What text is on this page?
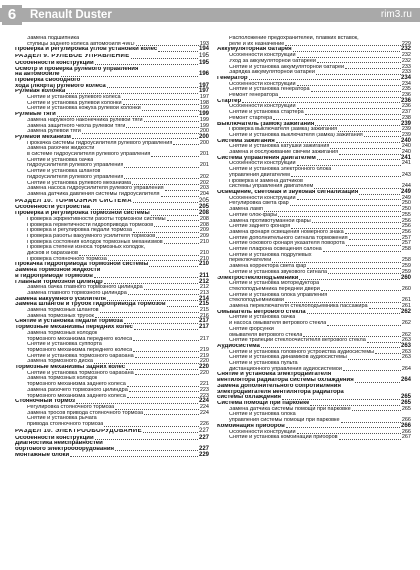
6	Renault Duster	rim3.ru
Замена подшипника
ступицы заднего колеса автомобиля 4WD	193
Проверка и регулировка углов установки колес	194
РАЗДЕЛ 9. РУЛЕВОЕ УПРАВЛЕНИЕ	195
Особенности конструкции	195
Осмотр и проверка рулевого управления
на автомобиле	196
Проверка свободного
хода (люфта) рулевого колеса	197
Рулевая колонка	197
Снятие и установка рулевого колеса	197
Снятие и установка рулевой колонки	198
Снятие и установка кожуха рулевой колонки	199
Рулевые тяги	199
Замена наружного наконечника рулевой тяги	199
Замена защитного чехла рулевой тяги	199
Замена рулевой тяги	200
Рулевой механизм	200
Прокачка системы гидроусилителя рулевого управления	200
Замена рабочей жидкости
в системе гидроусилителя рулевого управления	201
Снятие и установка бачка
гидроусилителя рулевого управления	201
Снятие и установка шлангов
гидроусилителя рулевого управления	202
Снятие и установка рулевого механизма	202
Замена насоса гидроусилителя рулевого управления	203
Замена датчика давления системы гидроусилителя	204
РАЗДЕЛ 10. ТОРМОЗНАЯ СИСТЕМА	205
Особенности устройства	205
Проверка и регулировка тормозной системы	208
Проверка эффективности работы тормозной системы	208
Проверка герметичности гидропривода тормозов	208
Проверка и регулировка педали тормоза	209
Проверка работы вакуумного усилителя тормозов	209
Проверка состояния колодок тормозных механизмов	210
Проверка степени износа тормозных колодок,
дисков и барабанов	210
Проверка стояночного тормоза	210
Прокачка гидропривода тормозной системы	210
Замена тормозной жидкости
в гидроприводе тормозов	211
Главный тормозной цилиндр	212
Замена бачка главного тормозного цилиндра	212
Замена главного тормозного цилиндра	213
Замена вакуумного усилителя	214
Замена шлангов и трубок гидропривода тормозов	215
Замена тормозных шлангов	215
Замена тормозных трубок	216
Снятие и установка педали тормоза	217
Тормозные механизмы передних колес	217
Замена тормозных колодок
тормозного механизма переднего колеса	217
Снятие и установка суппорта
тормозного механизма переднего колеса	219
Снятие и установка тормозного барабана	219
Замена тормозного диска	220
Тормозные механизмы задних колес	220
Снятие и установка тормозного барабана	220
Замена тормозных колодок
тормозного механизма заднего колеса	221
Замена рабочего тормозного цилиндра	223
тормозного механизма заднего колеса	223
Стояночный тормоз	224
Регулировка стояночного тормоза	224
Замена тросов привода стояночного тормоза	224
Снятие и установка рычага
привода стояночного тормоза	226
РАЗДЕЛ 10. ЭЛЕКТРООБОРУДОВАНИЕ	227
Особенности конструкции	227
Диагностика неисправностей
бортового электрооборудования	227
Монтажные блоки	229
Расположение предохранителей, плавких вставок,
реле и их назначение	229
Аккумуляторная батарея	232
Особенности конструкции	232
Уход за аккумуляторной батареей	232
Снятие и установка аккумуляторной батареи	233
Зарядка аккумуляторной батареи	233
Генератор	234
Особенности конструкции	234
Снятие и установка генератора	235
Ремонт генератора	236
Стартер	236
Особенности конструкции	236
Снятие и установка стартера	237
Ремонт стартера	238
Выключатель (замок) зажигания	239
Проверка выключателя (замка) зажигания	239
Снятие и установка выключателя (замка) зажигания	239
Система зажигания	240
Снятие и установка катушки зажигания	240
Замена и обслуживание свечей зажигания	240
Система управления двигателем	241
Особенности конструкции	241
Снятие и установка электронного блока
управления двигателем	243
Проверка и замена датчиков
системы управления двигателем	244
Освещение, световая и звуковая сигнализация	249
Особенности конструкции	249
Регулировка света фар	250
Замена ламп	250
Снятие блок-фары	255
Замена противотуманной фары	256
Снятие заднего фонаря	256
Замена фонаря освещения номерного знака	256
Снятие дополнительного сигнала торможения	257
Снятие бокового фонаря указателя поворота	257
Снятие плафона освещения салона	258
Снятие и установка подрулевых
переключателей	258
Замена корректора света фар	259
Снятие и установка звукового сигнала	259
Электростеклоподъемники	260
Снятие и установка моторедуктора
стеклоподъемника передней двери	260
Снятие и установка блока управления
стеклоподъемниками	261
Замена переключателя стеклоподъемника пассажира	261
Омыватель ветрового стекла	262
Снятие и установка бачка
и насоса омывателя ветрового стекла	262
Снятие форсунки
омывателя ветрового стекла	262
Снятие трапеции стеклоочистителя ветрового стекла	263
Аудиосистема	263
Снятие и установка головного устройства аудиосистемы	263
Снятие и установка динамиков аудиосистемы	263
Снятие и установка пульта
дистанционного управления аудиосистемой	264
Снятие и установка электродвигателя
вентилятора радиатора системы охлаждения	264
Замена дополнительного сопротивления
электродвигателя вентилятора радиатора
системы охлаждения	265
Система помощи при парковке	265
Замена датчика системы помощи при парковке	265
Снятие и установка блока
управления системы помощи при парковке	266
Комбинация приборов	266
Особенности конструкции	266
Снятие и установка комбинации приборов	267
